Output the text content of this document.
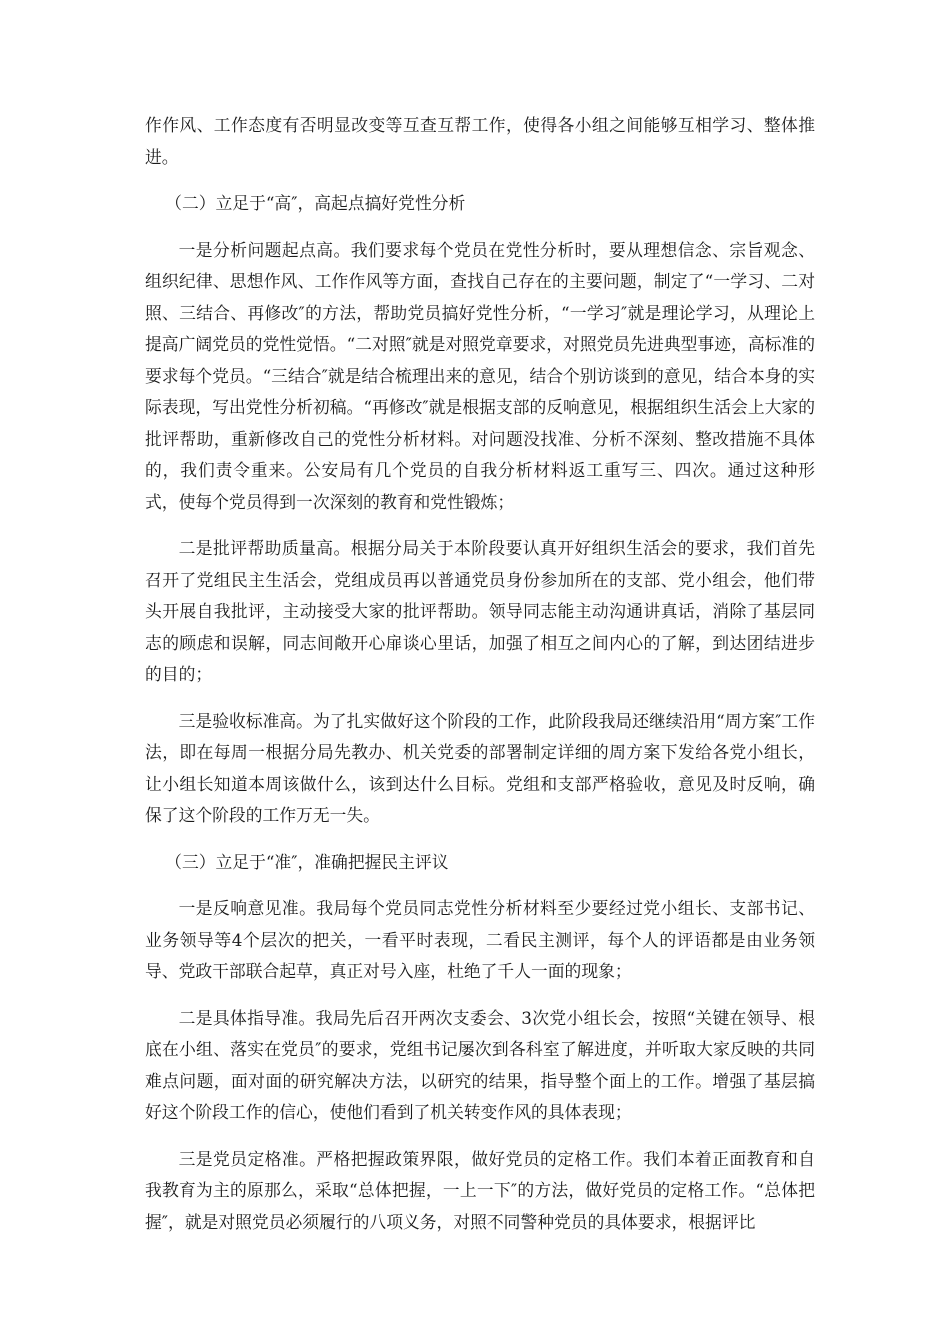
作作风、工作态度有否明显改变等互查互帮工作，使得各小组之间能够互相学习、整体推进。

（二）立足于“高″，高起点搞好党性分析

一是分析问题起点高。我们要求每个党员在党性分析时，要从理想信念、宗旨观念、组织纪律、思想作风、工作作风等方面，查找自己存在的主要问题，制定了“一学习、二对照、三结合、再修改″的方法，帮助党员搞好党性分析，“一学习″就是理论学习，从理论上提高广阔党员的党性觉悟。“二对照″就是对照党章要求，对照党员先进典型事迹，高标准的要求每个党员。“三结合″就是结合梳理出来的意见，结合个别访谈到的意见，结合本身的实际表现，写出党性分析初稿。“再修改″就是根据支部的反响意见，根据组织生活会上大家的批评帮助，重新修改自己的党性分析材料。对问题没找准、分析不深刻、整改措施不具体的，我们责令重来。公安局有几个党员的自我分析材料返工重写三、四次。通过这种形式，使每个党员得到一次深刻的教育和党性锻炼；

二是批评帮助质量高。根据分局关于本阶段要认真开好组织生活会的要求，我们首先召开了党组民主生活会，党组成员再以普通党员身份参加所在的支部、党小组会，他们带头开展自我批评，主动接受大家的批评帮助。领导同志能主动沟通讲真话，消除了基层同志的顾虑和误解，同志间敞开心扉谈心里话，加强了相互之间内心的了解，到达团结进步的目的；

三是验收标准高。为了扎实做好这个阶段的工作，此阶段我局还继续沿用“周方案″工作法，即在每周一根据分局先教办、机关党委的部署制定详细的周方案下发给各党小组长，让小组长知道本周该做什么，该到达什么目标。党组和支部严格验收，意见及时反响，确保了这个阶段的工作万无一失。

（三）立足于“准″，准确把握民主评议

一是反响意见准。我局每个党员同志党性分析材料至少要经过党小组长、支部书记、业务领导等4个层次的把关，一看平时表现，二看民主测评，每个人的评语都是由业务领导、党政干部联合起草，真正对号入座，杜绝了千人一面的现象；

二是具体指导准。我局先后召开两次支委会、3次党小组长会，按照“关键在领导、根底在小组、落实在党员″的要求，党组书记屡次到各科室了解进度，并听取大家反映的共同难点问题，面对面的研究解决方法，以研究的结果，指导整个面上的工作。增强了基层搞好这个阶段工作的信心，使他们看到了机关转变作风的具体表现；

三是党员定格准。严格把握政策界限，做好党员的定格工作。我们本着正面教育和自我教育为主的原那么，采取“总体把握，一上一下″的方法，做好党员的定格工作。“总体把握″，就是对照党员必须履行的八项义务，对照不同警种党员的具体要求，根据评比
